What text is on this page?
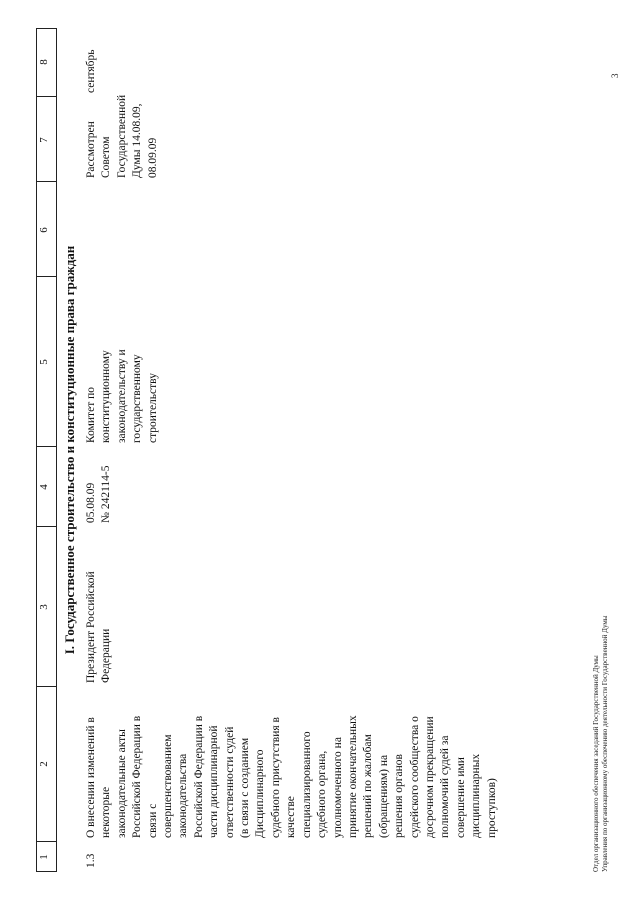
1
2
3
4
5
6
7
8
I. Государственное строительство и конституционные права граждан
1.3
О внесении изменений в
некоторые
законодательные акты
Российской Федерации в
связи с
совершенствованием
законодательства
Российской Федерации в
части дисциплинарной
ответственности судей
(в связи с созданием
Дисциплинарного
судебного присутствия в
качестве
специализированного
судебного органа,
уполномоченного на
принятие окончательных
решений по жалобам
(обращениям) на
решения органов
судейского сообщества о
досрочном прекращении
полномочий судей за
совершение ими
дисциплинарных
проступков)
Президент Российской
Федерации
05.08.09
№ 242114-5
Комитет по
конституционному
законодательству и
государственному
строительству
Рассмотрен
Советом
Государственной
Думы 14.08.09,
08.09.09
сентябрь
Отдел организационного обеспечения заседаний Государственной Думы Управления по организационному обеспечению деятельности Государственной Думы
3
